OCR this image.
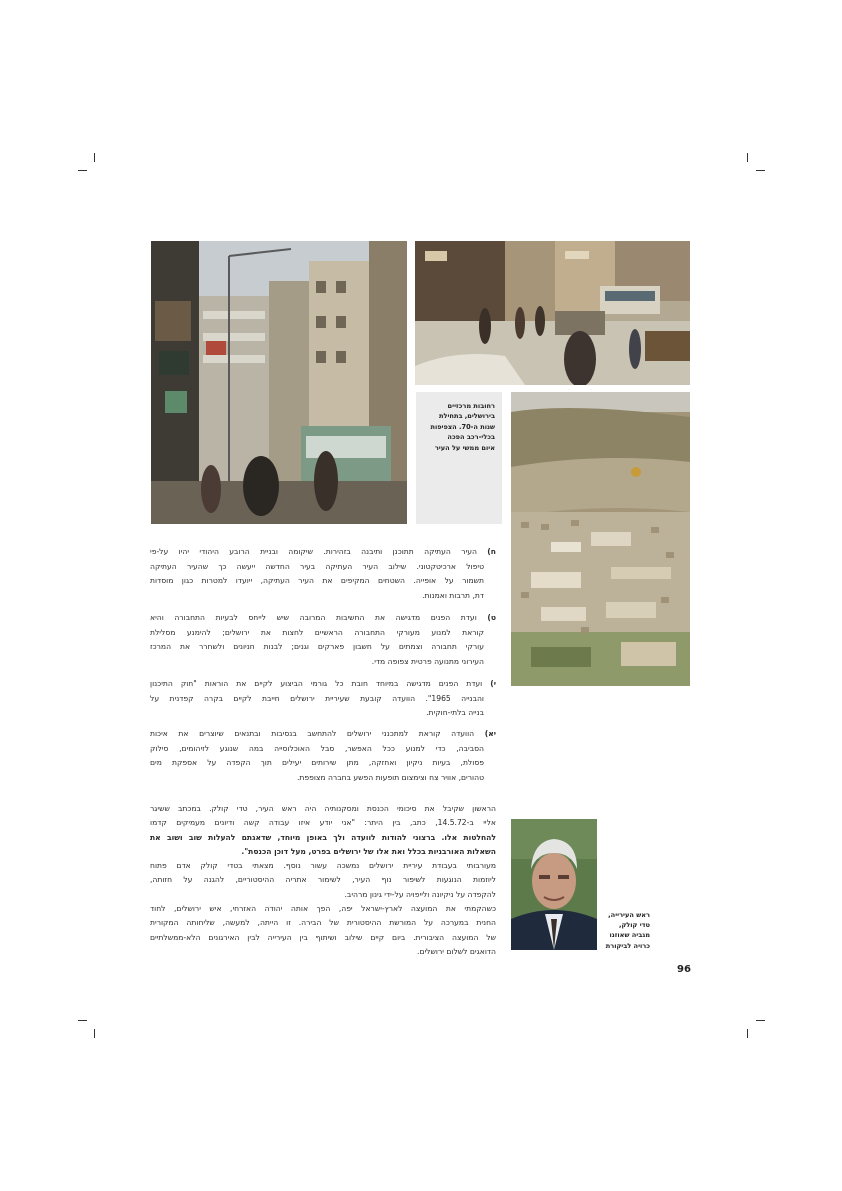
רחובות מרכזיים
בירושלים, בתחילת
שנות ה-70. הצפיפות
בכלי-רכב הפכה
איום ממשי על העיר
ח) העיר העתיקה תתוכנן ותיבנה בזהירות. שיקומה ובניית הרובע היהודי יהיו על-פי
טיפול ארכיטקטוני. שילוב העיר העתיקה בעיר החדשה ייעשה כך שהעיר העתיקה
תשמור על אופייה. השטחים המקיפים את העיר העתיקה, ייועדו למטרות כגון מוסדות
דת, תרבות ואמנות.
ט) ועדת הפנים מדגישה את החשיבות המרובה שיש לייחס לבעיות התחבורה והיא
קוראת למנוע מעורקי התחבורה הראשיים לחצות את ירושלים; להימנע מסלילת
עורקי תחבורה וצמתים על חשבון פארקים וגנים; לבנות חניונים ולשחרר את המרכז
העירוני מתנועה פרטית צפופה מדי.
י) ועדת הפנים מדגישה במיוחד חובת כל גורמי הביצוע לקיים את הוראות "חוק התיכנון
והבנייה 1965". הוועדה קובעת שעיריית ירושלים חייבת לקיים בקרה קפדנית על
בנייה בלתי-חוקית.
יא) הוועדה קוראת למתכנני ירושלים להתחשב בנסיבות ובתנאים שיוצרים את איכות
הסביבה, כדי למנוע ככל האפשר, סבל האוכלוסייה במה שנוגע לזיהומים, סילוק
פסולת, בעיות ניקיון ואחזקה, מתן שירותים יעילים תוך הקפדה על אספקת מים
טהורים, אוויר צח וצימצום תופעות הפשע בחברה מצופפת.
הראשון שקיבל את סיכומי הכנסת ומסקנותיה היה ראש העיר, טדי קולק. במכתב ששיגר
אליי ב-14.5.72, כתב, בין היתר: "אני יודע איזו עבודה קשה ודיונים מעמיקים קדמו
להחלטות אלו. ברצוני להודות לוועדה ולך באופן מיוחד, שדאגתם להעלות שוב ושוב את
השאלות האורבניות בכלל ואת אלו של ירושלים בפרט, מעל דוכן הכנסת".
מעורבותי בעבודת עיריית ירושלים נמשכה עשור נוסף. מצאתי בטדי קולק אדם פתוח
ליוזמות הנוגעות לשיפור נוף העיר, לשימור אתריה ההיסטוריים, להגנה על חזותה,
להקפדה על ניקיונה ולייפויה על-ידי גינון מרהיב.
כשהקמתי את המועצה לארץ-ישראל יפה, הפך אותה יהודה האזרחי, איש ירושלים, לחוד
החנית במערכה על המורשת ההיסטורית של הבירה. זו הייתה, למעשה, שליחותה המקורית
של המועצה הציבורית. ביום קיים שילוב ושיתוף בין העירייה לבין האירגונים הלא-ממשלתיים
הדואגים לשלום ירושלים.
ראש העירייה,
טדי קולק,
מגביה שאוזנו
כרויה לביקורת
96
